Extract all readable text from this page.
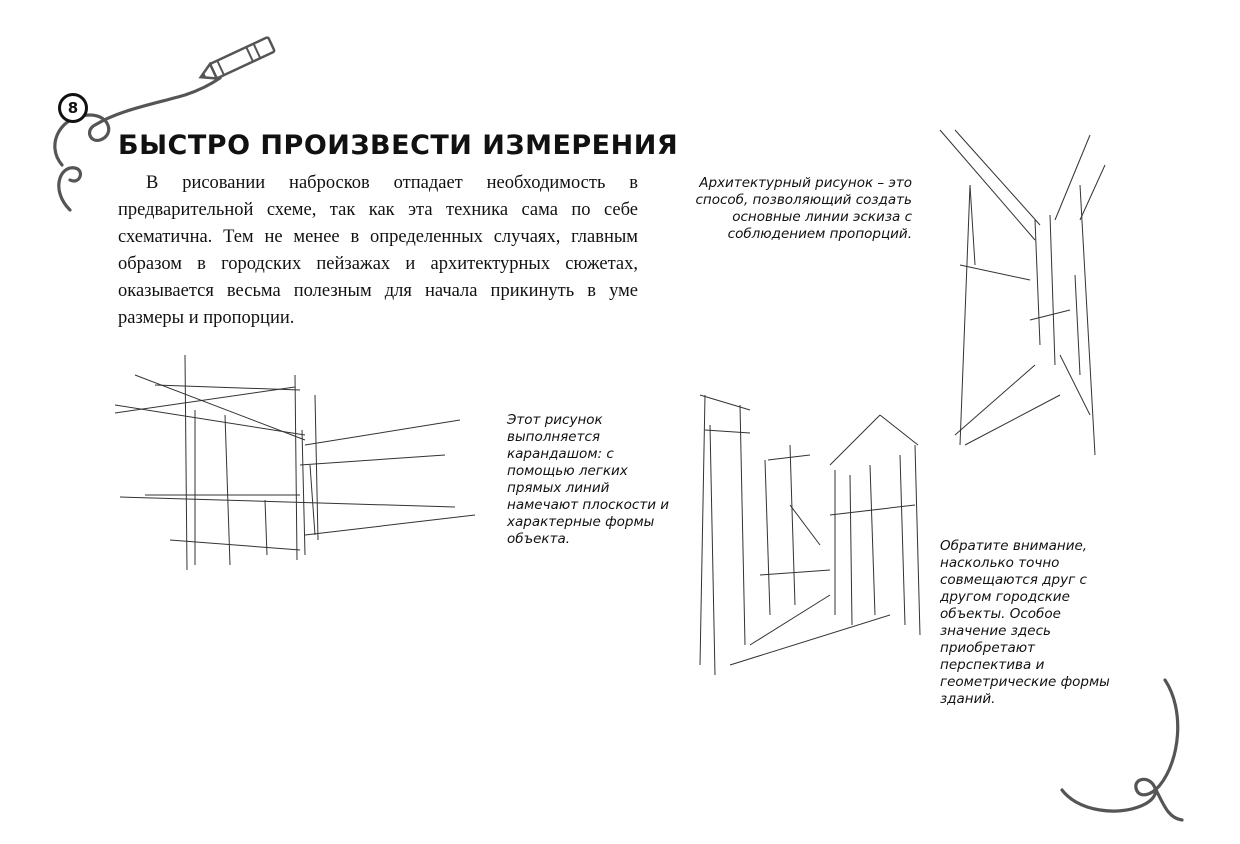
8
БЫСТРО ПРОИЗВЕСТИ ИЗМЕРЕНИЯ

В рисовании набросков отпадает необходимость в предварительной схеме, так как эта техника сама по себе схематична. Тем не менее в определенных случаях, главным образом в городских пейзажах и архитектурных сюжетах, оказывается весьма полезным для начала прикинуть в уме размеры и пропорции.

Этот рисунок выполняется карандашом: с помощью легких прямых линий намечают плоскости и характерные формы объекта.
Архитектурный рисунок – это способ, позволяющий создать основные линии эскиза с соблюдением пропорций.
Обратите внимание, насколько точно совмещаются друг с другом городские объекты. Особое значение здесь приобретают перспектива и геометрические формы зданий.
